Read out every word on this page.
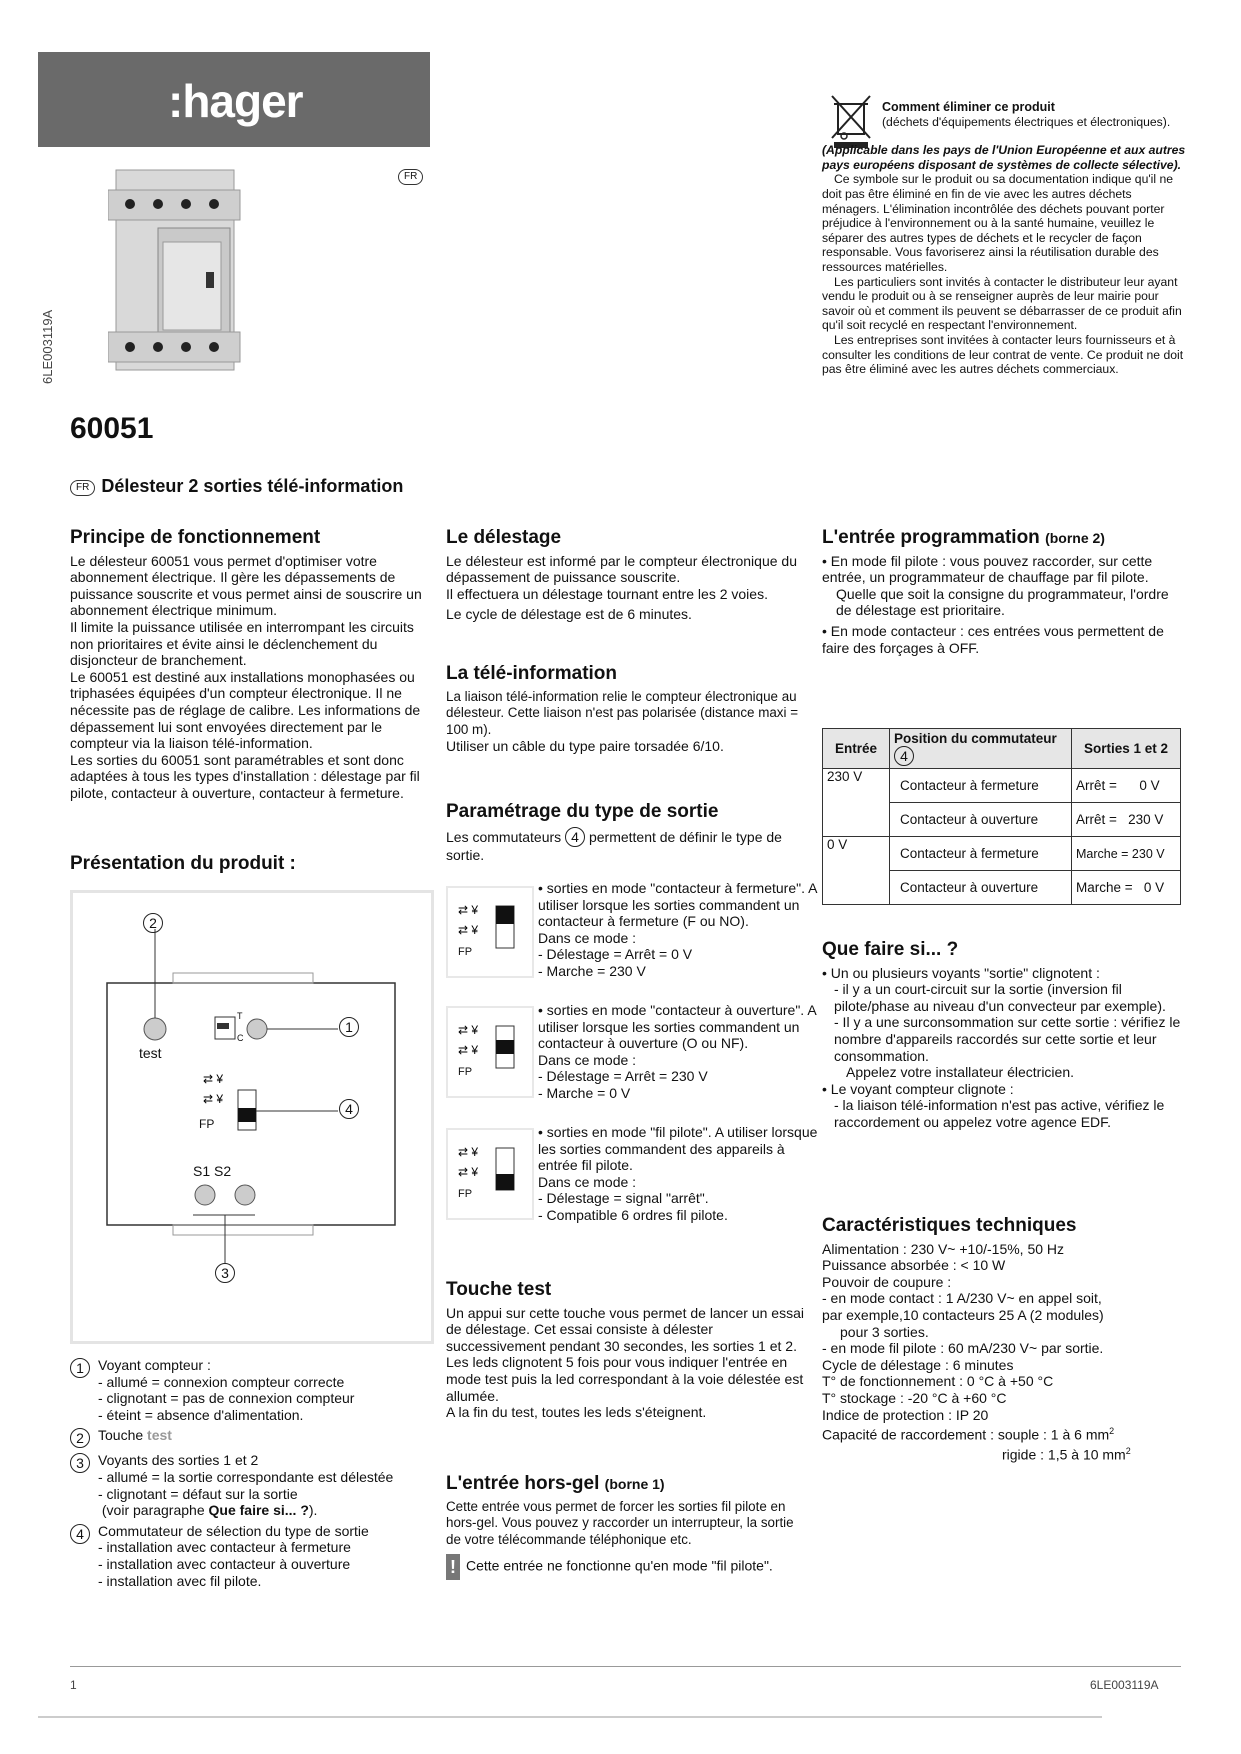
:hager
FR
6LE003119A
60051
FR Délesteur 2 sorties télé-information
Comment éliminer ce produit
(déchets d'équipements électriques et électroniques).
(Applicable dans les pays de l'Union Européenne et aux autres pays européens disposant de systèmes de collecte sélective).

Ce symbole sur le produit ou sa documentation indique qu'il ne doit pas être éliminé en fin de vie avec les autres déchets ménagers. L'élimination incontrôlée des déchets pouvant porter préjudice à l'environnement ou à la santé humaine, veuillez le séparer des autres types de déchets et le recycler de façon responsable. Vous favoriserez ainsi la réutilisation durable des ressources matérielles.

Les particuliers sont invités à contacter le distributeur leur ayant vendu le produit ou à se renseigner auprès de leur mairie pour savoir où et comment ils peuvent se débarrasser de ce produit afin qu'il soit recyclé en respectant l'environnement.

Les entreprises sont invitées à contacter leurs fournisseurs et à consulter les conditions de leur contrat de vente. Ce produit ne doit pas être éliminé avec les autres déchets commerciaux.

Principe de fonctionnement

Le délesteur 60051 vous permet d'optimiser votre abonnement électrique. Il gère les dépassements de puissance souscrite et vous permet ainsi de souscrire un abonnement électrique minimum.

Il limite la puissance utilisée en interrompant les circuits non prioritaires et évite ainsi le déclenchement du disjoncteur de branchement.

Le 60051 est destiné aux installations monophasées ou triphasées équipées d'un compteur électronique. Il ne nécessite pas de réglage de calibre. Les informations de dépassement lui sont envoyées directement par le compteur via la liaison télé-information.

Les sorties du 60051 sont paramétrables et sont donc adaptées à tous les types d'installation : délestage par fil pilote, contacteur à ouverture, contacteur à fermeture.

Présentation du produit :
⇄ ¥
⇄ ¥
2
1
4
3
test
T
C
FP
S1 S2
1	Voyant compteur :
- allumé = connexion compteur correcte
- clignotant = pas de connexion compteur
- éteint = absence d'alimentation.
2	Touche test
3	Voyants des sorties 1 et 2
- allumé = la sortie correspondante est délestée
- clignotant = défaut sur la sortie
(voir paragraphe Que faire si... ?).
4	Commutateur de sélection du type de sortie
- installation avec contacteur à fermeture
- installation avec contacteur à ouverture
- installation avec fil pilote.
Le délestage

Le délesteur est informé par le compteur électronique du dépassement de puissance souscrite.

Il effectuera un délestage tournant entre les 2 voies.

Le cycle de délestage est de 6 minutes.

La télé-information

La liaison télé-information relie le compteur électronique au délesteur. Cette liaison n'est pas polarisée (distance maxi = 100 m).

Utiliser un câble du type paire torsadée 6/10.

Paramétrage du type de sortie

Les commutateurs 4 permettent de définir le type de sortie.

⇄ ¥
⇄ ¥
FP
• sorties en mode "contacteur à fermeture". A utiliser lorsque les sorties commandent un contacteur à fermeture (F ou NO).
Dans ce mode :
- Délestage = Arrêt = 0 V
- Marche = 230 V
⇄ ¥
⇄ ¥
FP
• sorties en mode "contacteur à ouverture". A utiliser lorsque les sorties commandent un contacteur à ouverture (O ou NF).
Dans ce mode :
- Délestage = Arrêt = 230 V
- Marche = 0 V
⇄ ¥
⇄ ¥
FP
• sorties en mode "fil pilote". A utiliser lorsque les sorties commandent des appareils à entrée fil pilote.
Dans ce mode :
- Délestage = signal "arrêt".
- Compatible 6 ordres fil pilote.
Touche test

Un appui sur cette touche vous permet de lancer un essai de délestage. Cet essai consiste à délester successivement pendant 30 secondes, les sorties 1 et 2.

Les leds clignotent 5 fois pour vous indiquer l'entrée en mode test puis la led correspondant à la voie délestée est allumée.

A la fin du test, toutes les leds s'éteignent.

L'entrée hors-gel (borne 1)

Cette entrée vous permet de forcer les sorties fil pilote en hors-gel. Vous pouvez y raccorder un interrupteur, la sortie de votre télécommande téléphonique etc.

! Cette entrée ne fonctionne qu'en mode "fil pilote".

L'entrée programmation (borne 2)

• En mode fil pilote : vous pouvez raccorder, sur cette entrée, un programmateur de chauffage par fil pilote.

Quelle que soit la consigne du programmateur, l'ordre de délestage est prioritaire.

• En mode contacteur : ces entrées vous permettent de faire des forçages à OFF.

Entrée	Position du commutateur 4	Sorties 1 et 2
230 V	Contacteur à fermeture	Arrêt =      0 V
	Contacteur à ouverture	Arrêt =   230 V
0 V	Contacteur à fermeture	Marche = 230 V
	Contacteur à ouverture	Marche =   0 V
Que faire si... ?

• Un ou plusieurs voyants "sortie" clignotent :

- il y a un court-circuit sur la sortie (inversion fil pilote/phase au niveau d'un convecteur par exemple).

- Il y a une surconsommation sur cette sortie : vérifiez le nombre d'appareils raccordés sur cette sortie et leur consommation.

Appelez votre installateur électricien.

• Le voyant compteur clignote :

- la liaison télé-information n'est pas active, vérifiez le raccordement ou appelez votre agence EDF.

Caractéristiques techniques

Alimentation : 230 V~ +10/-15%, 50 Hz

Puissance absorbée : < 10 W

Pouvoir de coupure :

- en mode contact : 1 A/230 V~ en appel soit,

par exemple,10 contacteurs 25 A (2 modules)

pour 3 sorties.

- en mode fil pilote : 60 mA/230 V~ par sortie.

Cycle de délestage : 6 minutes

T° de fonctionnement : 0 °C à +50 °C

T° stockage : -20 °C à +60 °C

Indice de protection : IP 20

Capacité de raccordement : souple : 1 à 6 $mm^2$

rigide : 1,5 à 10 $mm^2$

1	6LE003119A
